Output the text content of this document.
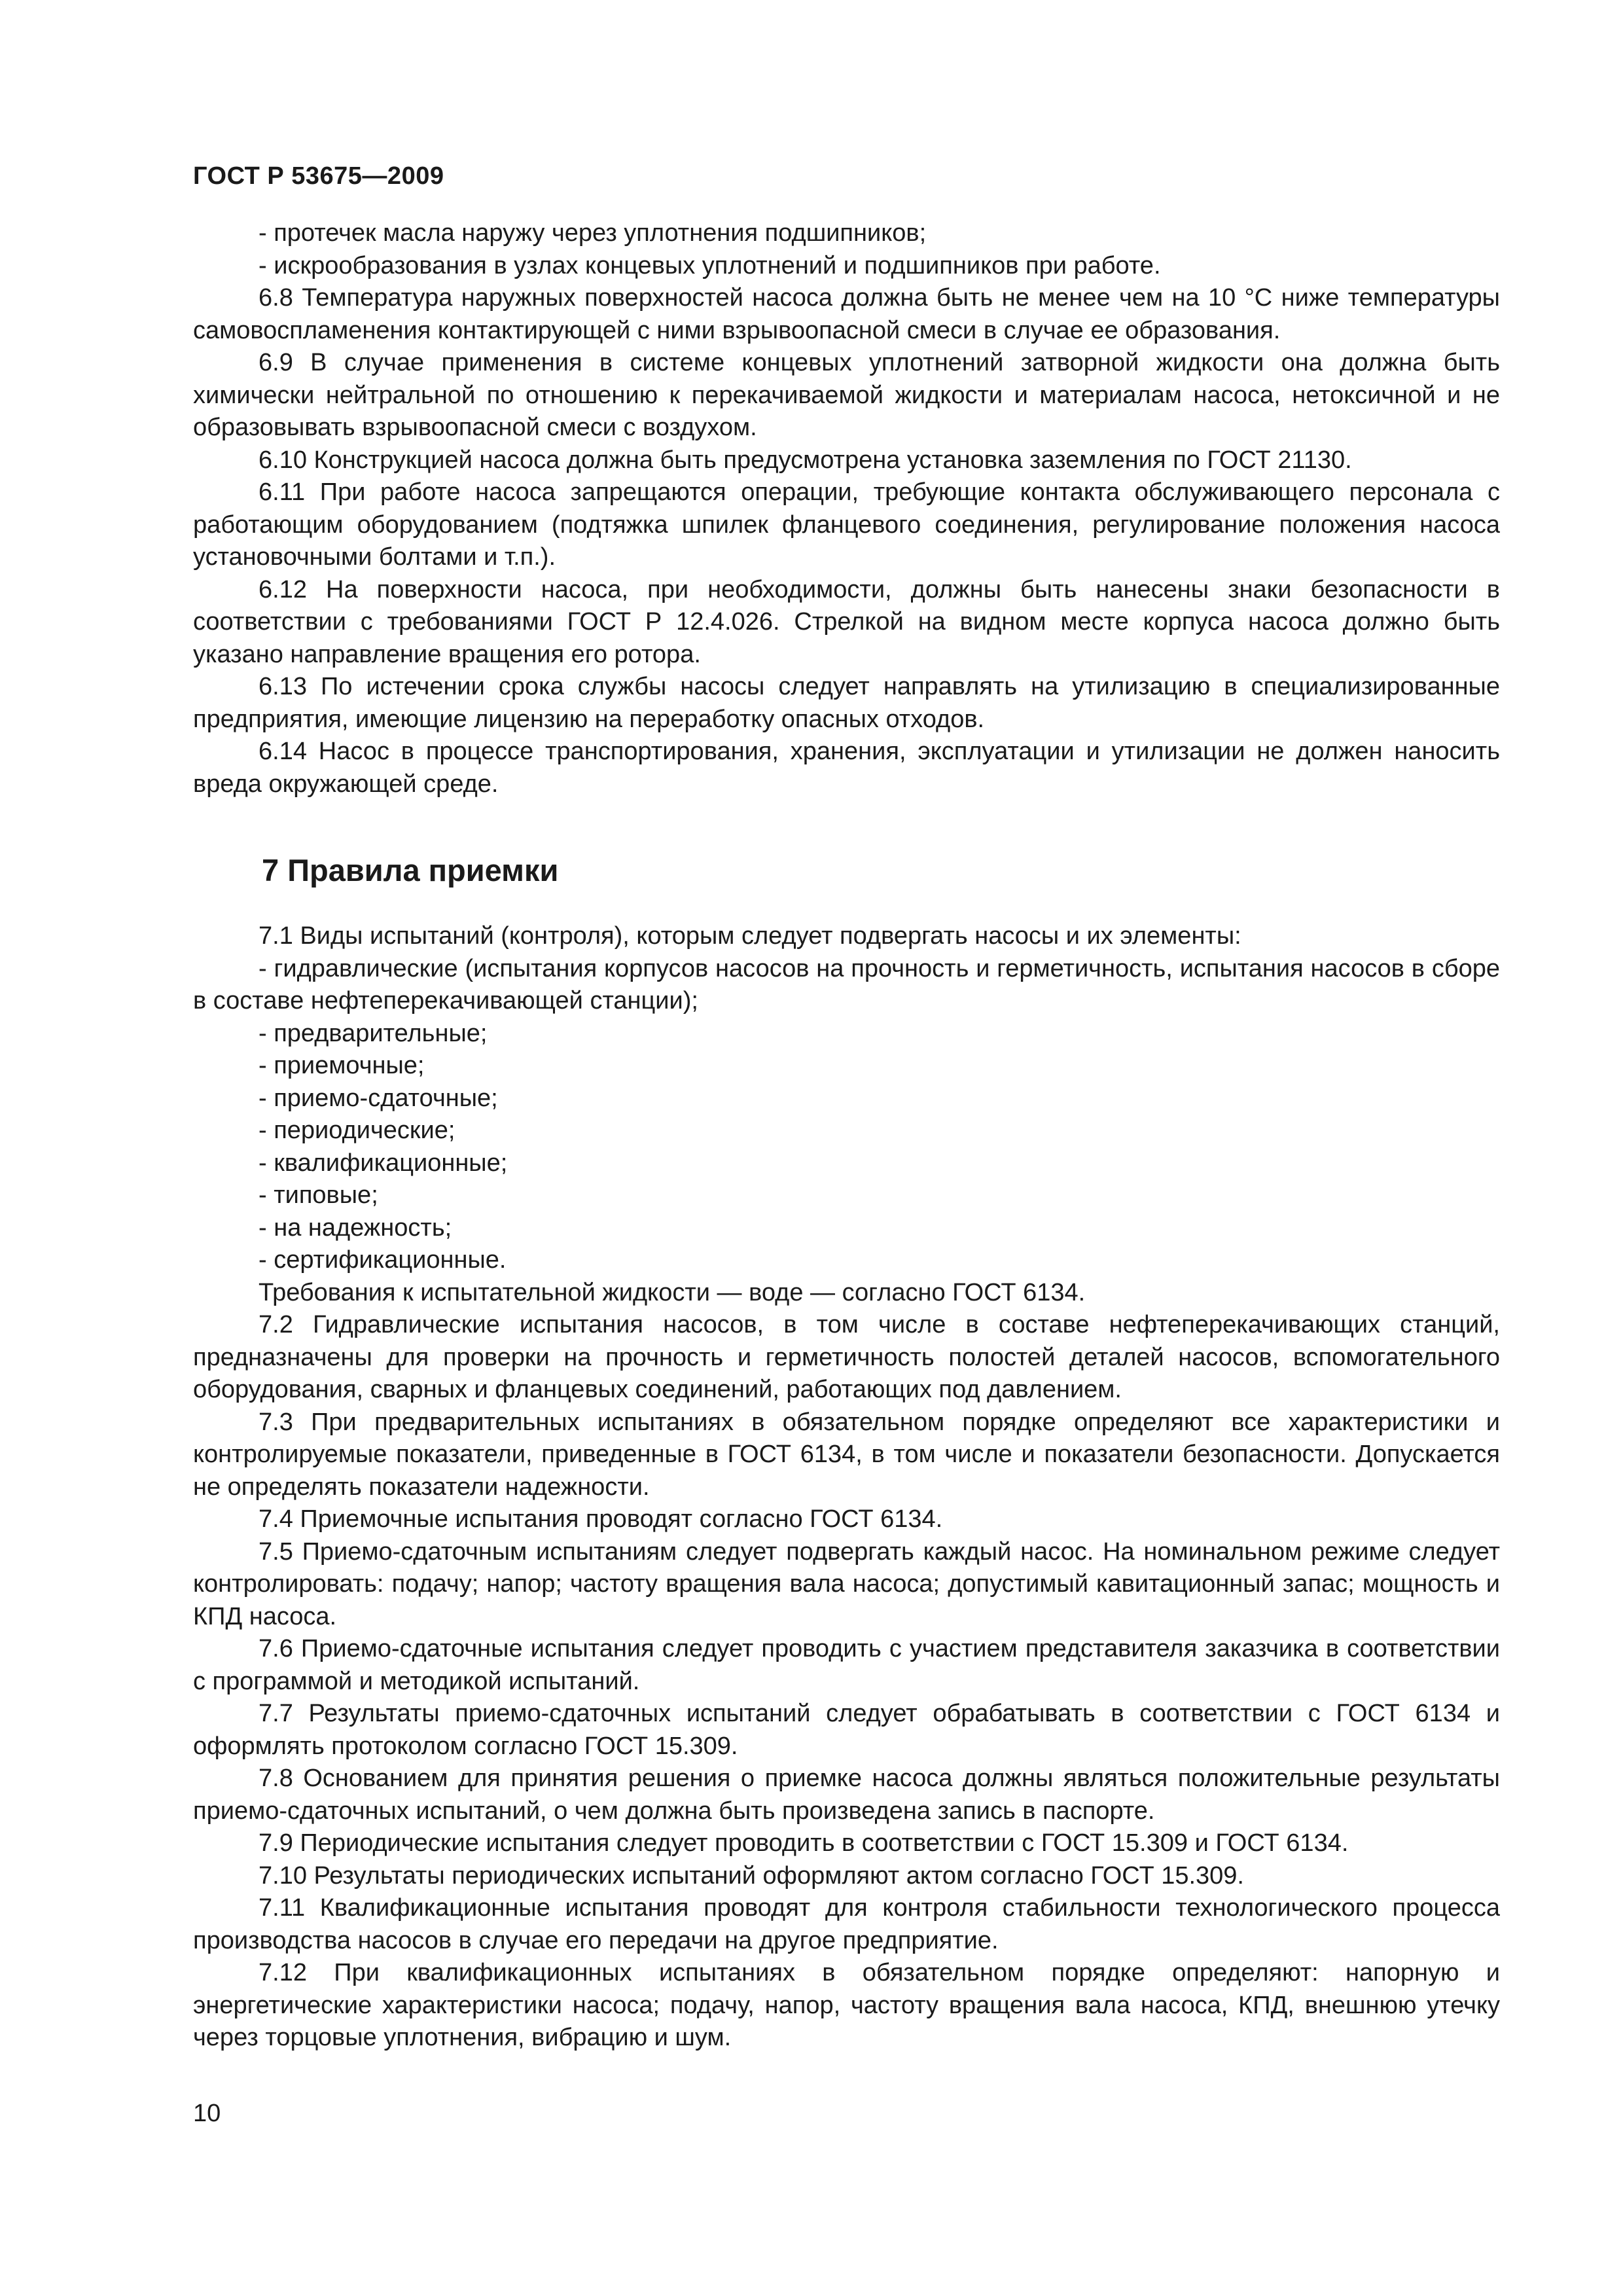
ГОСТ Р 53675—2009

- протечек масла наружу через уплотнения подшипников;

- искрообразования в узлах концевых уплотнений и подшипников при работе.

6.8 Температура наружных поверхностей насоса должна быть не менее чем на 10 °С ниже температуры самовоспламенения контактирующей с ними взрывоопасной смеси в случае ее образования.

6.9 В случае применения в системе концевых уплотнений затворной жидкости она должна быть химически нейтральной по отношению к перекачиваемой жидкости и материалам насоса, нетоксичной и не образовывать взрывоопасной смеси с воздухом.

6.10 Конструкцией насоса должна быть предусмотрена установка заземления по ГОСТ 21130.

6.11 При работе насоса запрещаются операции, требующие контакта обслуживающего персонала с работающим оборудованием (подтяжка шпилек фланцевого соединения, регулирование положения насоса установочными болтами и т.п.).

6.12 На поверхности насоса, при необходимости, должны быть нанесены знаки безопасности в соответствии с требованиями ГОСТ Р 12.4.026. Стрелкой на видном месте корпуса насоса должно быть указано направление вращения его ротора.

6.13 По истечении срока службы насосы следует направлять на утилизацию в специализированные предприятия, имеющие лицензию на переработку опасных отходов.

6.14 Насос в процессе транспортирования, хранения, эксплуатации и утилизации не должен наносить вреда окружающей среде.

7 Правила приемки

7.1 Виды испытаний (контроля), которым следует подвергать насосы и их элементы:

- гидравлические (испытания корпусов насосов на прочность и герметичность, испытания насосов в сборе в составе нефтеперекачивающей станции);

- предварительные;

- приемочные;

- приемо-сдаточные;

- периодические;

- квалификационные;

- типовые;

- на надежность;

- сертификационные.

Требования к испытательной жидкости — воде — согласно ГОСТ 6134.

7.2 Гидравлические испытания насосов, в том числе в составе нефтеперекачивающих станций, предназначены для проверки на прочность и герметичность полостей деталей насосов, вспомогательного оборудования, сварных и фланцевых соединений, работающих под давлением.

7.3 При предварительных испытаниях в обязательном порядке определяют все характеристики и контролируемые показатели, приведенные в ГОСТ 6134, в том числе и показатели безопасности. Допускается не определять показатели надежности.

7.4 Приемочные испытания проводят согласно ГОСТ 6134.

7.5 Приемо-сдаточным испытаниям следует подвергать каждый насос. На номинальном режиме следует контролировать: подачу; напор; частоту вращения вала насоса; допустимый кавитационный запас; мощность и КПД насоса.

7.6 Приемо-сдаточные испытания следует проводить с участием представителя заказчика в соответствии с программой и методикой испытаний.

7.7 Результаты приемо-сдаточных испытаний следует обрабатывать в соответствии с ГОСТ 6134 и оформлять протоколом согласно ГОСТ 15.309.

7.8 Основанием для принятия решения о приемке насоса должны являться положительные результаты приемо-сдаточных испытаний, о чем должна быть произведена запись в паспорте.

7.9 Периодические испытания следует проводить в соответствии с ГОСТ 15.309 и ГОСТ 6134.

7.10 Результаты периодических испытаний оформляют актом согласно ГОСТ 15.309.

7.11 Квалификационные испытания проводят для контроля стабильности технологического процесса производства насосов в случае его передачи на другое предприятие.

7.12 При квалификационных испытаниях в обязательном порядке определяют: напорную и энергетические характеристики насоса; подачу, напор, частоту вращения вала насоса, КПД, внешнюю утечку через торцовые уплотнения, вибрацию и шум.

10
